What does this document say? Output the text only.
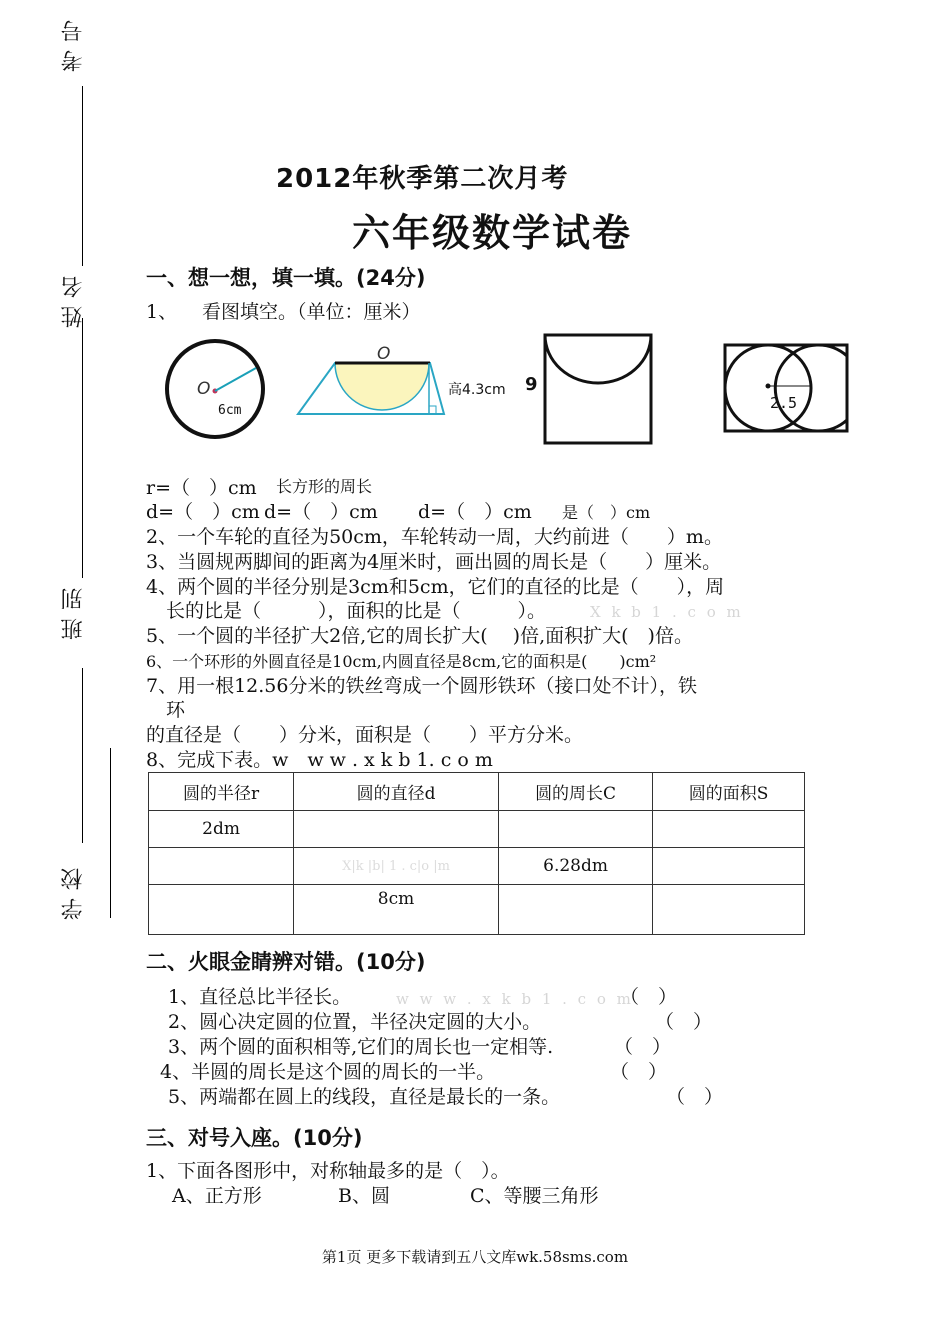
考号
姓名
班别
学校
2012年秋季第二次月考
六年级数学试卷
一、想一想，填一填。(24分)
1、 看图填空。（单位：厘米）
O
6cm
O
高4.3cm 9
2.5
r=（　）cm 长方形的周长
d=（　）cm d=（　）cm d=（　）cm 是（　）cm
2、一个车轮的直径为50cm，车轮转动一周，大约前进（　　）m。
3、当圆规两脚间的距离为4厘米时，画出圆的周长是（　　）厘米。
4、两个圆的半径分别是3cm和5cm，它们的直径的比是（　　），周
长的比是（　　　），面积的比是（　　　）。	X k b 1 . c o m
5、一个圆的半径扩大2倍,它的周长扩大(　 )倍,面积扩大(　)倍。
6、一个环形的外圆直径是10cm,内圆直径是8cm,它的面积是(　　)cm²
7、用一根12.56分米的铁丝弯成一个圆形铁环（接口处不计），铁
环
的直径是（　　）分米，面积是（　　）平方分米。
8、完成下表。w　w w . x k b 1. c o m
圆的半径r	圆的直径d	圆的周长C	圆的面积S
2dm			
	X|k |b| 1 . c|o |m	6.28dm	
	8cm		
二、火眼金睛辨对错。(10分)
1、直径总比半径长。	w w w . x k b 1 . c o m
（　）
2、圆心决定圆的位置，半径决定圆的大小。	（　）
3、两个圆的面积相等,它们的周长也一定相等.	（　）
4、半圆的周长是这个圆的周长的一半。	（　）
5、两端都在圆上的线段，直径是最长的一条。	（　）
三、对号入座。(10分)
1、下面各图形中，对称轴最多的是（　）。
A、正方形	B、圆	C、等腰三角形
第1页 更多下载请到五八文库wk.58sms.com
